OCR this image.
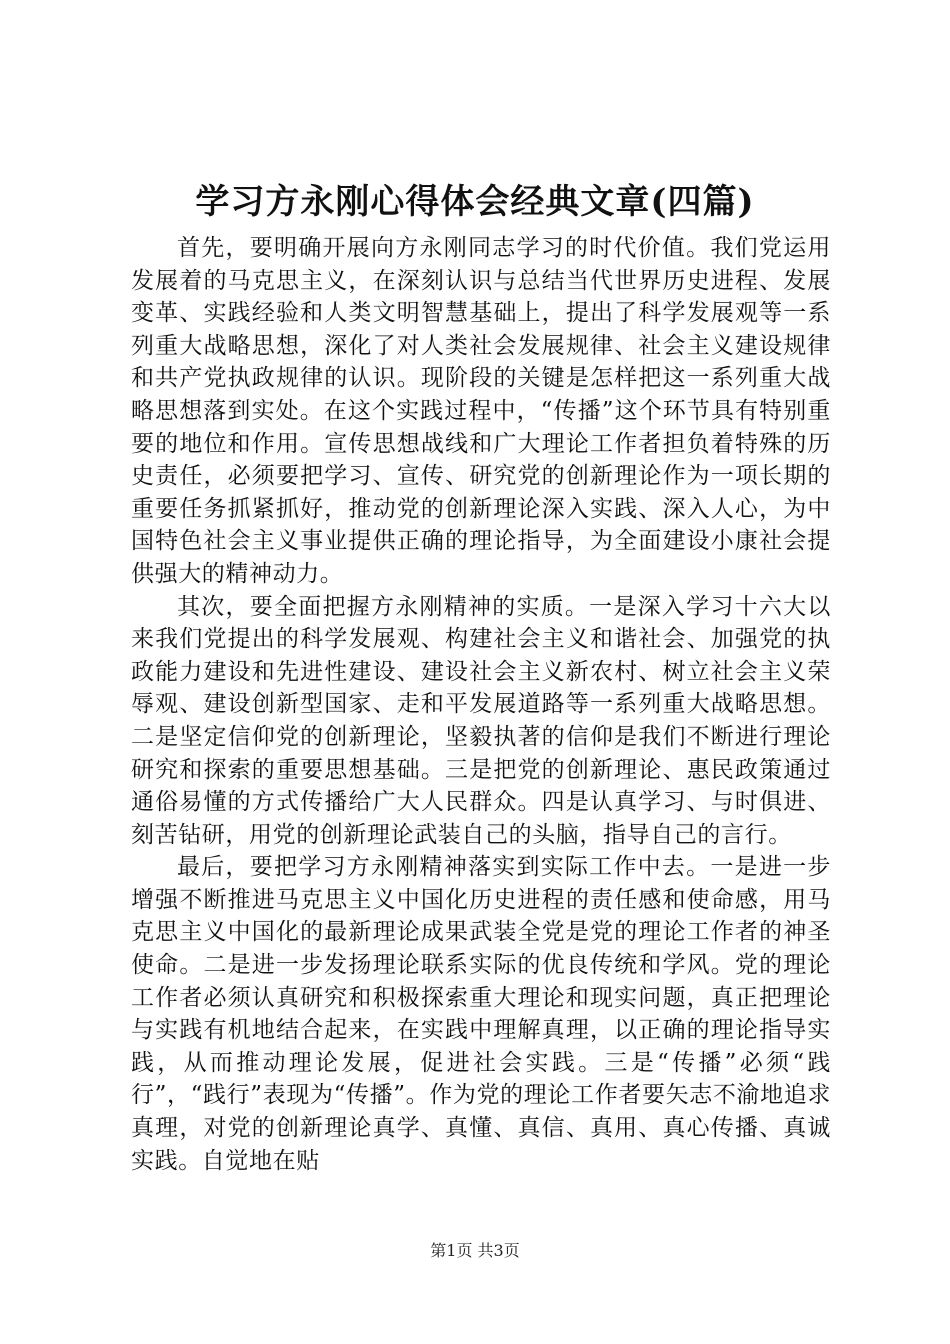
学习方永刚心得体会经典文章(四篇)

首先，要明确开展向方永刚同志学习的时代价值。我们党运用发展着的马克思主义，在深刻认识与总结当代世界历史进程、发展变革、实践经验和人类文明智慧基础上，提出了科学发展观等一系列重大战略思想，深化了对人类社会发展规律、社会主义建设规律和共产党执政规律的认识。现阶段的关键是怎样把这一系列重大战略思想落到实处。在这个实践过程中，“传播”这个环节具有特别重要的地位和作用。宣传思想战线和广大理论工作者担负着特殊的历史责任，必须要把学习、宣传、研究党的创新理论作为一项长期的重要任务抓紧抓好，推动党的创新理论深入实践、深入人心，为中国特色社会主义事业提供正确的理论指导，为全面建设小康社会提供强大的精神动力。

其次，要全面把握方永刚精神的实质。一是深入学习十六大以来我们党提出的科学发展观、构建社会主义和谐社会、加强党的执政能力建设和先进性建设、建设社会主义新农村、树立社会主义荣辱观、建设创新型国家、走和平发展道路等一系列重大战略思想。二是坚定信仰党的创新理论，坚毅执著的信仰是我们不断进行理论研究和探索的重要思想基础。三是把党的创新理论、惠民政策通过通俗易懂的方式传播给广大人民群众。四是认真学习、与时俱进、刻苦钻研，用党的创新理论武装自己的头脑，指导自己的言行。

最后，要把学习方永刚精神落实到实际工作中去。一是进一步增强不断推进马克思主义中国化历史进程的责任感和使命感，用马克思主义中国化的最新理论成果武装全党是党的理论工作者的神圣使命。二是进一步发扬理论联系实际的优良传统和学风。党的理论工作者必须认真研究和积极探索重大理论和现实问题，真正把理论与实践有机地结合起来，在实践中理解真理，以正确的理论指导实践，从而推动理论发展，促进社会实践。三是“传播”必须“践行”，“践行”表现为“传播”。作为党的理论工作者要矢志不渝地追求真理，对党的创新理论真学、真懂、真信、真用、真心传播、真诚实践。自觉地在贴

第1页 共3页
